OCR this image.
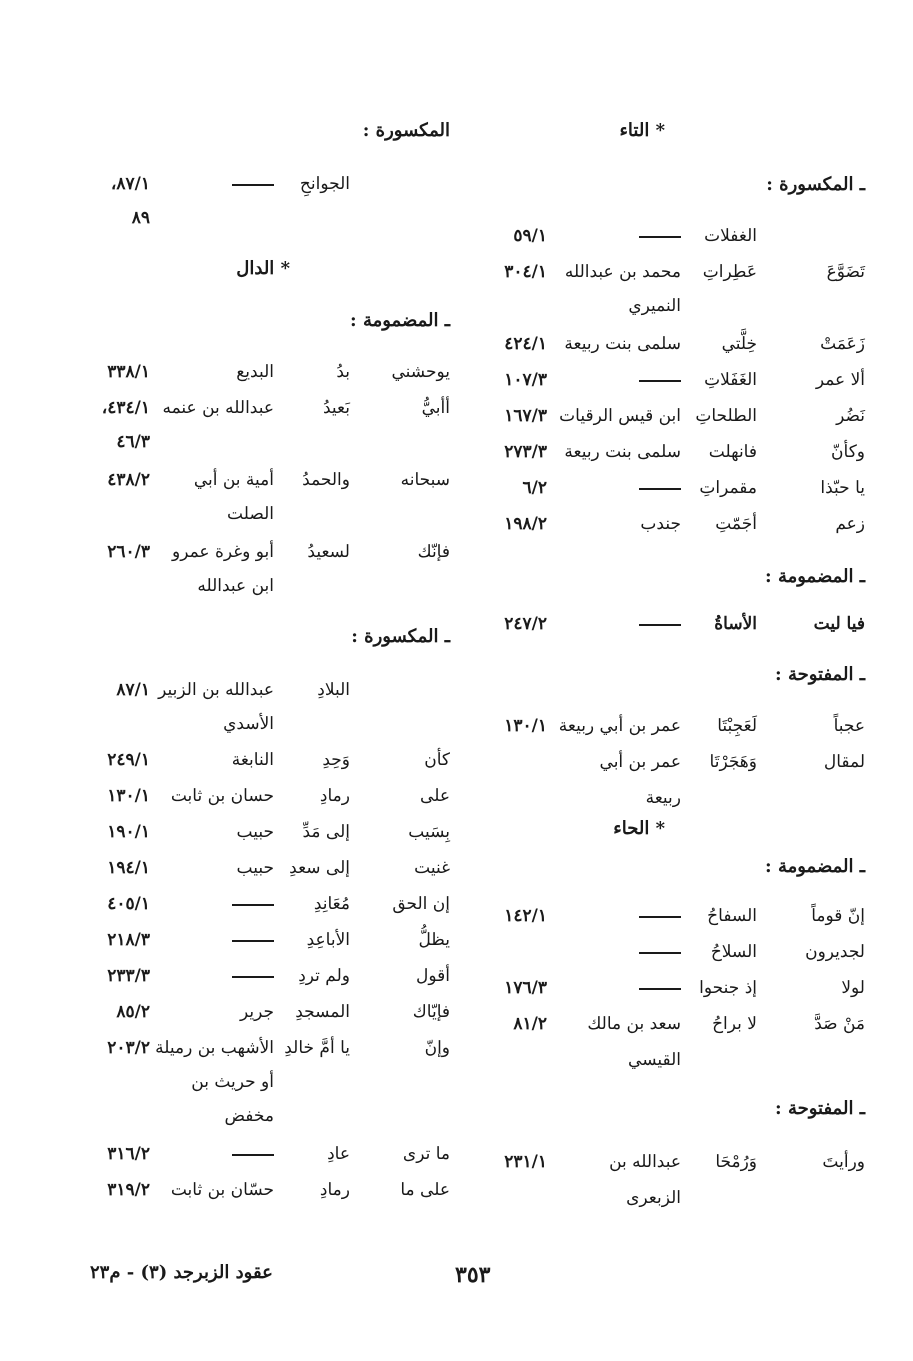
* التاء
ـ المكسورة :
الغفلات
٥٩/١
تَضَوَّعَ
عَطِراتِ
محمد بن عبدالله
٣٠٤/١
النميري
زَعَمَتْ
خِلَّتي
سلمى بنت ربيعة
٤٢٤/١
ألا عمر
الغَفَلاتِ
١٠٧/٣
نَضُر
الطلحاتِ
ابن قيس الرقيات
١٦٧/٣
وكأنّ
فانهلت
سلمى بنت ربيعة
٢٧٣/٣
يا حبّذا
مقمراتِ
٦/٢
زعم
أجَمّتِ
جندب
١٩٨/٢
ـ المضمومة :
فيا ليت
الأساةُ
٢٤٧/٢
ـ المفتوحة :
عجباً
لَعَجِبْتَا
عمر بن أبي ربيعة
١٣٠/١
لمقال
وَهَجَرْتَا
عمر بن أبي
ربيعة
* الحاء
ـ المضمومة :
إنّ قوماً
السفاحُ
١٤٢/١
لجديرون
السلاحُ
لولا
إذ جنحوا
١٧٦/٣
مَنْ صَدَّ
لا براحُ
سعد بن مالك
٨١/٢
القيسي
ـ المفتوحة :
ورأيتَ
وَرُمْحَا
عبدالله بن
٢٣١/١
الزبعرى
المكسورة :
الجوانحِ
٨٧/١،
٨٩
* الدال
ـ المضمومة :
يوحشني
بدُ
البديع
٣٣٨/١
أأبيُّ
بَعيدُ
عبدالله بن عنمه
٤٣٤/١،
٤٦/٣
سبحانه
والحمدُ
أمية بن أبي
٤٣٨/٢
الصلت
فإنّك
لسعيدُ
أبو وغرة عمرو
٢٦٠/٣
ابن عبدالله
ـ المكسورة :
البلادِ
عبدالله بن الزبير
٨٧/١
الأسدي
كأن
وَحِدِ
النابغة
٢٤٩/١
على
رمادِ
حسان بن ثابت
١٣٠/١
بِسَيب
إلى مَدِّ
حبيب
١٩٠/١
غنيت
إلى سعدِ
حبيب
١٩٤/١
إن الحق
مُعَانِدِ
٤٠٥/١
يظلُّ
الأباعِدِ
٢١٨/٣
أقول
ولم تردِ
٢٣٣/٣
فإيّاك
المسجدِ
جرير
٨٥/٢
وإنّ
يا أمَّ خالدِ
الأشهب بن رميلة
٢٠٣/٢
أو حريث بن
مخفض
ما ترى
عادِ
٣١٦/٢
على ما
رمادِ
حسّان بن ثابت
٣١٩/٢
٣٥٣
عقود الزبرجد (٣) - م٢٣
